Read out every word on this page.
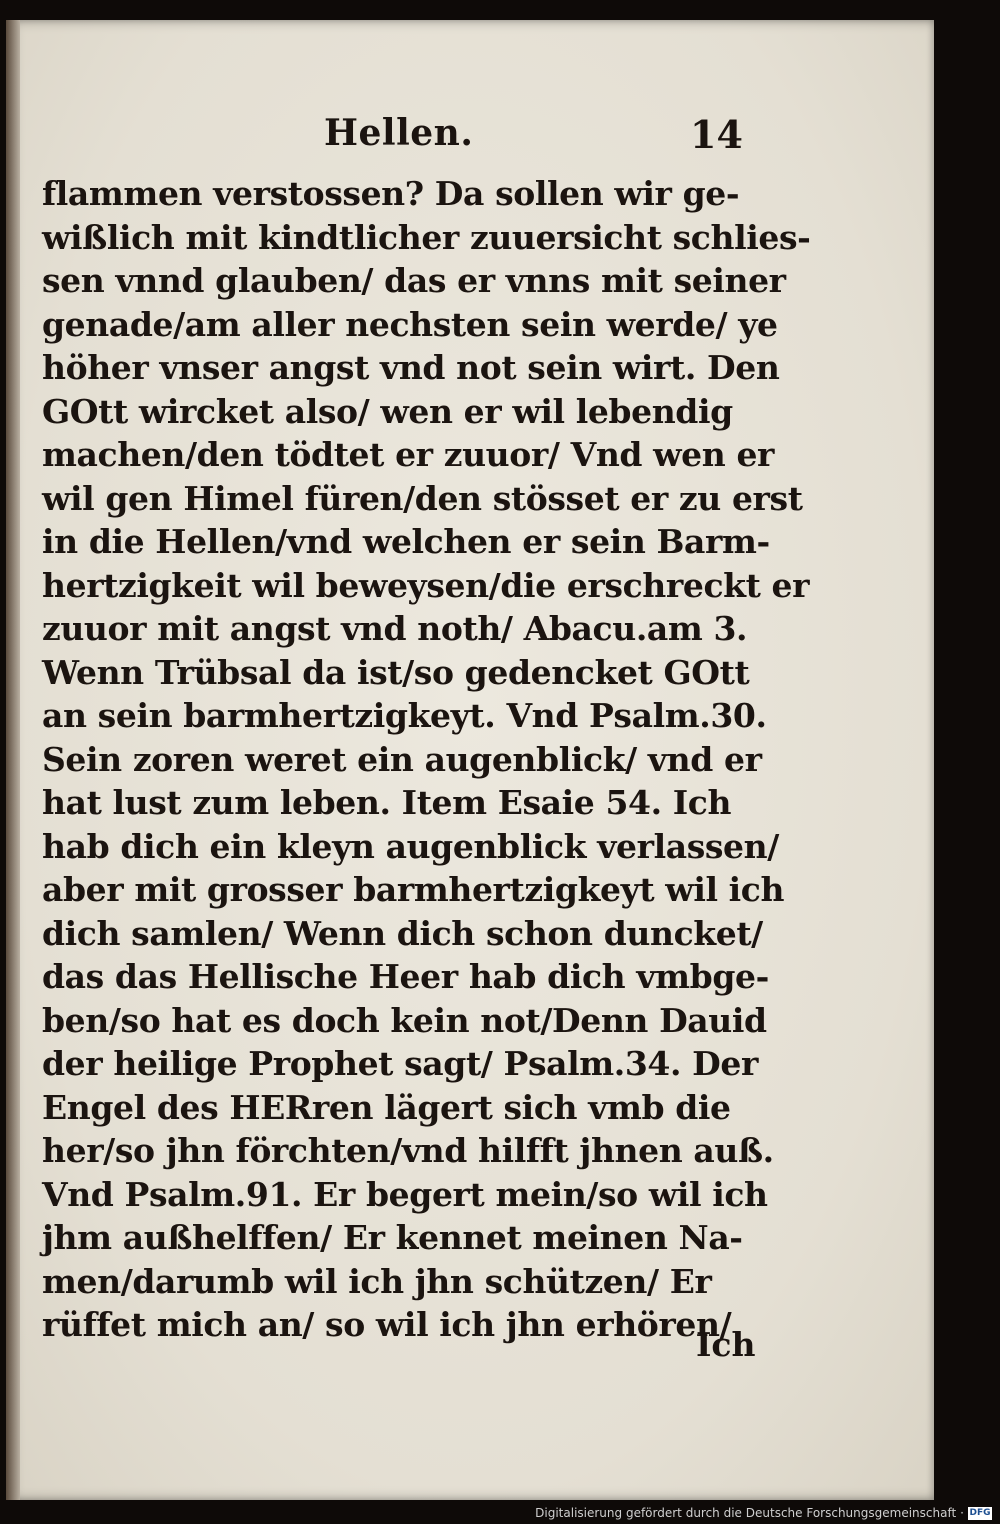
Hellen.	14
flammen verstossen? Da sollen wir ge-
wißlich mit kindtlicher zuuersicht schlies-
sen vnnd glauben/ das er vnns mit seiner
genade/am aller nechsten sein werde/ ye
höher vnser angst vnd not sein wirt. Den
GOtt wircket also/ wen er wil lebendig
machen/den tödtet er zuuor/ Vnd wen er
wil gen Himel füren/den stösset er zu erst
in die Hellen/vnd welchen er sein Barm-
hertzigkeit wil beweysen/die erschreckt er
zuuor mit angst vnd noth/ Abacu.am 3.
Wenn Trübsal da ist/so gedencket GOtt
an sein barmhertzigkeyt. Vnd Psalm.30.
Sein zoren weret ein augenblick/ vnd er
hat lust zum leben. Item Esaie 54. Ich
hab dich ein kleyn augenblick verlassen/
aber mit grosser barmhertzigkeyt wil ich
dich samlen/ Wenn dich schon duncket/
das das Hellische Heer hab dich vmbge-
ben/so hat es doch kein not/Denn Dauid
der heilige Prophet sagt/ Psalm.34. Der
Engel des HERren lägert sich vmb die
her/so jhn förchten/vnd hilfft jhnen auß.
Vnd Psalm.91. Er begert mein/so wil ich
jhm außhelffen/ Er kennet meinen Na-
men/darumb wil ich jhn schützen/ Er
rüffet mich an/ so wil ich jhn erhören/
Ich
Digitalisierung gefördert durch die Deutsche Forschungsgemeinschaft · DFG
